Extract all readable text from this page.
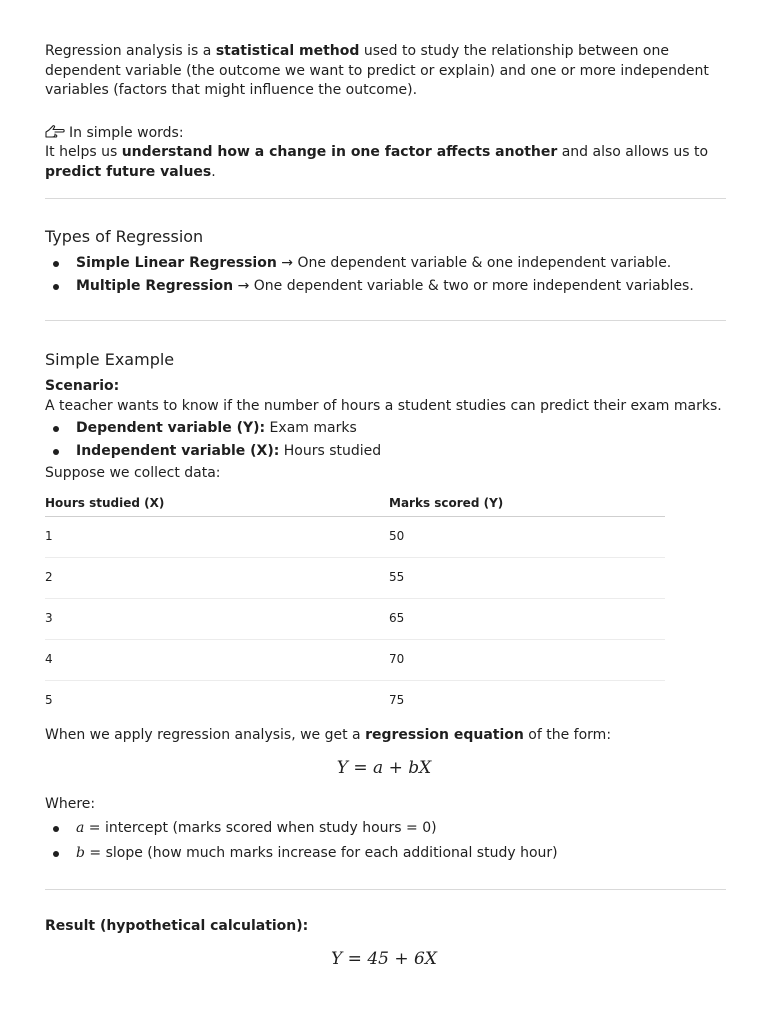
Regression analysis is a statistical method used to study the relationship between one dependent variable (the outcome we want to predict or explain) and one or more independent variables (factors that might influence the outcome).

In simple words:

It helps us understand how a change in one factor affects another and also allows us to predict future values.

Types of Regression
Simple Linear Regression → One dependent variable & one independent variable.
Multiple Regression → One dependent variable & two or more independent variables.
Simple Example

Scenario:

A teacher wants to know if the number of hours a student studies can predict their exam marks.

Dependent variable (Y): Exam marks
Independent variable (X): Hours studied

Suppose we collect data:

Hours studied (X)	Marks scored (Y)
1	50
2	55
3	65
4	70
5	75

When we apply regression analysis, we get a regression equation of the form:

Y = a + bX

Where:

a = intercept (marks scored when study hours = 0)
b = slope (how much marks increase for each additional study hour)

Result (hypothetical calculation):

Y = 45 + 6X
